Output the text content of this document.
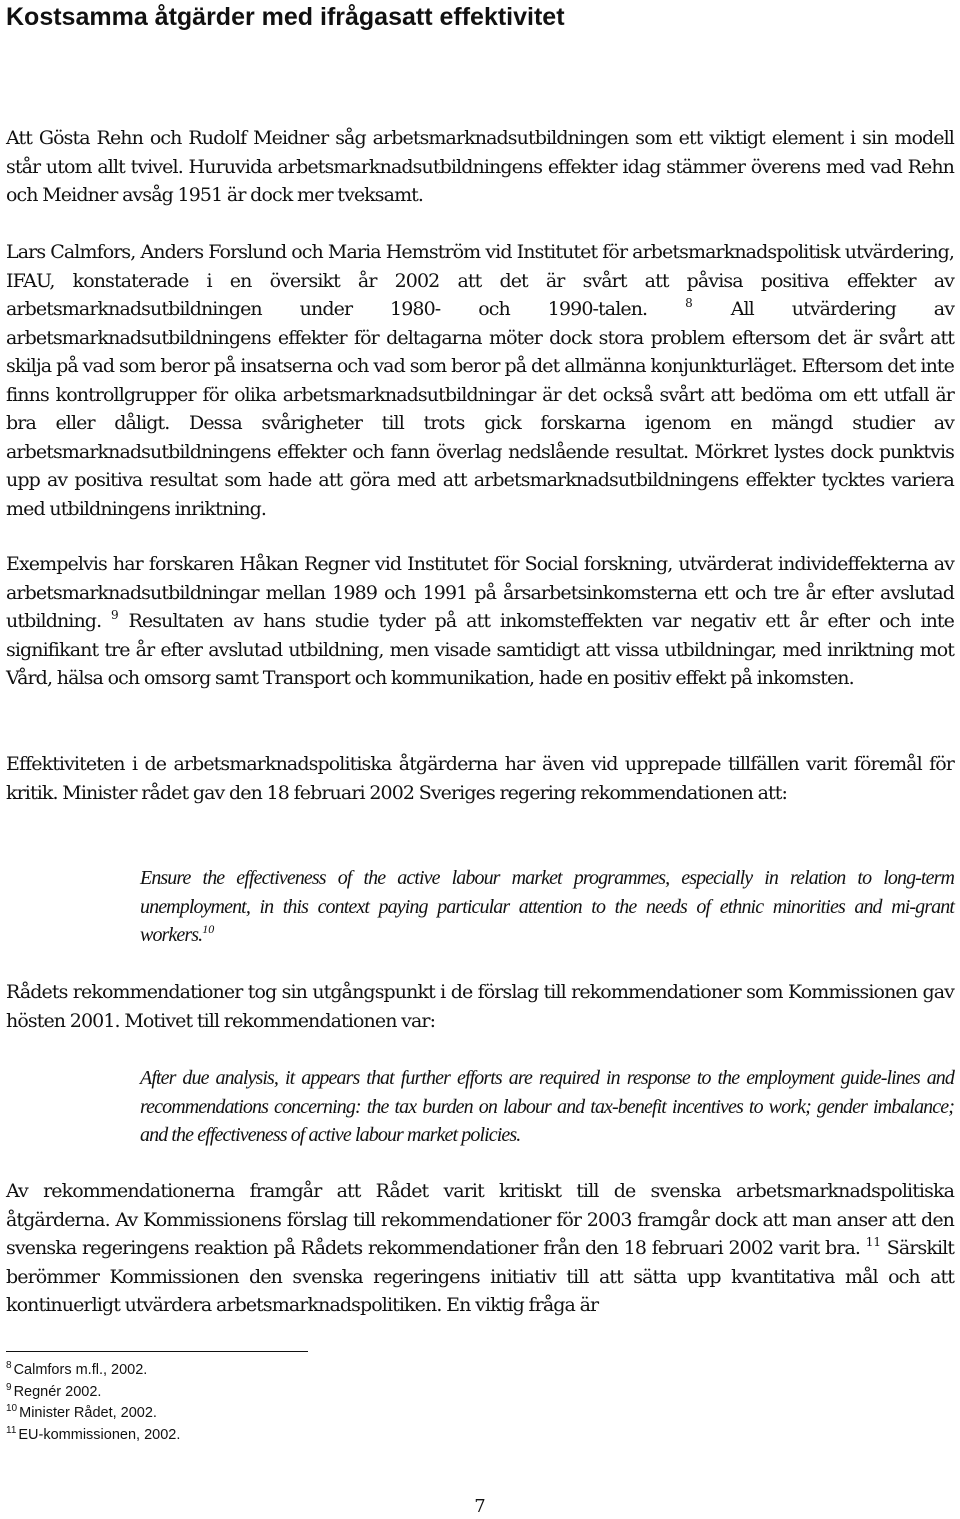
Kostsamma åtgärder med ifrågasatt effektivitet

Att Gösta Rehn och Rudolf Meidner såg arbetsmarknadsutbildningen som ett viktigt element i sin modell står utom allt tvivel. Huruvida arbetsmarknadsutbildningens effekter idag stämmer överens med vad Rehn och Meidner avsåg 1951 är dock mer tveksamt.

Lars Calmfors, Anders Forslund och Maria Hemström vid Institutet för arbetsmarknadspolitisk utvärdering, IFAU, konstaterade i en översikt år 2002 att det är svårt att påvisa positiva effekter av arbetsmarknadsutbildningen under 1980- och 1990-talen.	$^8$ All utvärdering av arbetsmarknadsutbildningens effekter för deltagarna möter dock stora problem eftersom det är svårt att skilja på vad som beror på insatserna och vad som beror på det allmänna konjunkturläget. Eftersom det inte finns kontrollgrupper för olika arbetsmarknadsutbildningar är det också svårt att bedöma om ett utfall är bra eller dåligt. Dessa svårigheter till trots gick forskarna igenom en mängd studier av arbetsmarknadsutbildningens effekter och fann överlag nedslående resultat. Mörkret lystes dock punktvis upp av positiva resultat som hade att göra med att arbetsmarknadsutbildningens effekter tycktes variera med utbildningens inriktning.

Exempelvis har forskaren Håkan Regner vid Institutet för Social forskning, utvärderat individeffekterna av arbetsmarknadsutbildningar mellan 1989 och 1991 på årsarbetsinkomsterna ett och tre år efter avslutad utbildning. $^9$ Resultaten av hans studie tyder på att inkomsteffekten var negativ ett år efter och inte signifikant tre år efter avslutad utbildning, men visade samtidigt att vissa utbildningar, med inriktning mot Vård, hälsa och omsorg samt Transport och kommunikation, hade en positiv effekt på inkomsten.

Effektiviteten i de arbetsmarknadspolitiska åtgärderna har även vid upprepade tillfällen varit föremål för kritik. Minister rådet gav den 18 februari 2002 Sveriges regering rekommendationen att:

Ensure the effectiveness of the active labour market programmes, especially in relation to long-term unemployment, in this context paying particular attention to the needs of ethnic minorities and mi-grant workers.$^{10}$

Rådets rekommendationer tog sin utgångspunkt i de förslag till rekommendationer som Kommissionen gav hösten 2001. Motivet till rekommendationen var:

After due analysis, it appears that further efforts are required in response to the employment guide-lines and recommendations concerning: the tax burden on labour and tax-benefit incentives to work; gender imbalance; and the effectiveness of active labour market policies.

Av rekommendationerna framgår att Rådet varit kritiskt till de svenska arbetsmarknadspolitiska åtgärderna. Av Kommissionens förslag till rekommendationer för 2003 framgår dock att man anser att den svenska regeringens reaktion på Rådets rekommendationer från den 18 februari 2002 varit bra. $^{11}$ Särskilt berömmer Kommissionen den svenska regeringens initiativ till att sätta upp kvantitativa mål och att kontinuerligt utvärdera arbetsmarknadspolitiken. En viktig fråga är

$^8$ Calmfors m.fl., 2002.
$^9$ Regnér 2002.
$^{10}$ Minister Rådet, 2002.
$^{11}$ EU-kommissionen, 2002.
7
